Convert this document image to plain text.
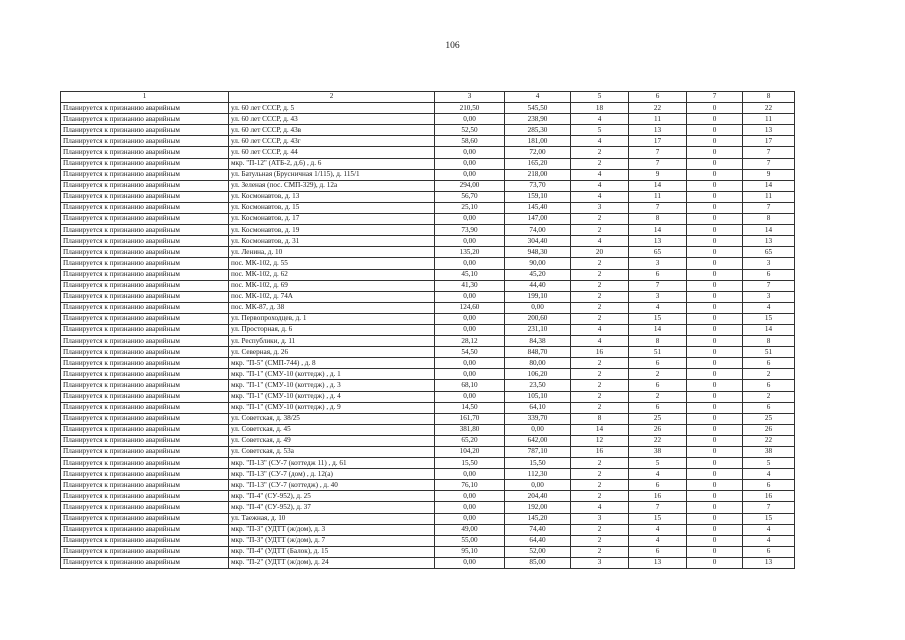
106
1	2	3	4	5	6	7	8
Планируется к признанию аварийным	ул. 60 лет СССР, д. 5	210,50	545,50	18	22	0	22
Планируется к признанию аварийным	ул. 60 лет СССР, д. 43	0,00	238,90	4	11	0	11
Планируется к признанию аварийным	ул. 60 лет СССР, д. 43в	52,50	285,30	5	13	0	13
Планируется к признанию аварийным	ул. 60 лет СССР, д. 43г	58,60	181,00	4	17	0	17
Планируется к признанию аварийным	ул. 60 лет СССР, д. 44	0,00	72,00	2	7	0	7
Планируется к признанию аварийным	мкр. "П-12" (АТБ-2, д.6) , д. 6	0,00	165,20	2	7	0	7
Планируется к признанию аварийным	ул. Батульная (Брусничная 1/115), д. 115/1	0,00	218,00	4	9	0	9
Планируется к признанию аварийным	ул. Зеленая (пос. СМП-329), д. 12а	294,00	73,70	4	14	0	14
Планируется к признанию аварийным	ул. Космонавтов, д. 13	56,70	159,10	4	11	0	11
Планируется к признанию аварийным	ул. Космонавтов, д. 15	25,10	145,40	3	7	0	7
Планируется к признанию аварийным	ул. Космонавтов, д. 17	0,00	147,00	2	8	0	8
Планируется к признанию аварийным	ул. Космонавтов, д. 19	73,90	74,00	2	14	0	14
Планируется к признанию аварийным	ул. Космонавтов, д. 31	0,00	304,40	4	13	0	13
Планируется к признанию аварийным	ул. Ленина, д. 10	135,20	948,30	20	65	0	65
Планируется к признанию аварийным	пос. МК-102, д. 55	0,00	90,00	2	3	0	3
Планируется к признанию аварийным	пос. МК-102, д. 62	45,10	45,20	2	6	0	6
Планируется к признанию аварийным	пос. МК-102, д. 69	41,30	44,40	2	7	0	7
Планируется к признанию аварийным	пос. МК-102, д. 74А	0,00	199,10	2	3	0	3
Планируется к признанию аварийным	пос. МК-87, д. 38	124,60	0,00	2	4	0	4
Планируется к признанию аварийным	ул. Первопроходцев, д. 1	0,00	200,60	2	15	0	15
Планируется к признанию аварийным	ул. Просторная, д. 6	0,00	231,10	4	14	0	14
Планируется к признанию аварийным	ул. Республики, д. 11	28,12	84,38	4	8	0	8
Планируется к признанию аварийным	ул. Северная, д. 26	54,50	848,70	16	51	0	51
Планируется к признанию аварийным	мкр. "П-5" (СМП-744) , д. 8	0,00	80,00	2	6	0	6
Планируется к признанию аварийным	мкр. "П-1" (СМУ-10 (коттедж) , д. 1	0,00	106,20	2	2	0	2
Планируется к признанию аварийным	мкр. "П-1" (СМУ-10 (коттедж) , д. 3	68,10	23,50	2	6	0	6
Планируется к признанию аварийным	мкр. "П-1" (СМУ-10 (коттедж) , д. 4	0,00	105,10	2	2	0	2
Планируется к признанию аварийным	мкр. "П-1" (СМУ-10 (коттедж) , д. 9	14,50	64,10	2	6	0	6
Планируется к признанию аварийным	ул. Советская, д. 38/25	161,70	339,70	8	25	0	25
Планируется к признанию аварийным	ул. Советская, д. 45	381,80	0,00	14	26	0	26
Планируется к признанию аварийным	ул. Советская, д. 49	65,20	642,00	12	22	0	22
Планируется к признанию аварийным	ул. Советская, д. 53а	104,20	787,10	16	38	0	38
Планируется к признанию аварийным	мкр. "П-13" (СУ-7 (коттедж 11) , д. 61	15,50	15,50	2	5	0	5
Планируется к признанию аварийным	мкр. "П-13" (СУ-7 (дом) , д. 12(а)	0,00	112,30	2	4	0	4
Планируется к признанию аварийным	мкр. "П-13" (СУ-7 (коттедж) , д. 40	76,10	0,00	2	6	0	6
Планируется к признанию аварийным	мкр. "П-4" (СУ-952), д. 25	0,00	204,40	2	16	0	16
Планируется к признанию аварийным	мкр. "П-4" (СУ-952), д. 37	0,00	192,00	4	7	0	7
Планируется к признанию аварийным	ул. Таежная, д. 10	0,00	145,20	3	15	0	15
Планируется к признанию аварийным	мкр. "П-3" (УДТТ (ж/дом), д. 3	49,00	74,40	2	4	0	4
Планируется к признанию аварийным	мкр. "П-3" (УДТТ (ж/дом), д. 7	55,00	64,40	2	4	0	4
Планируется к признанию аварийным	мкр. "П-4" (УДТТ (Балок), д. 15	95,10	52,00	2	6	0	6
Планируется к признанию аварийным	мкр. "П-2" (УДТТ (ж/дом), д. 24	0,00	85,00	3	13	0	13
